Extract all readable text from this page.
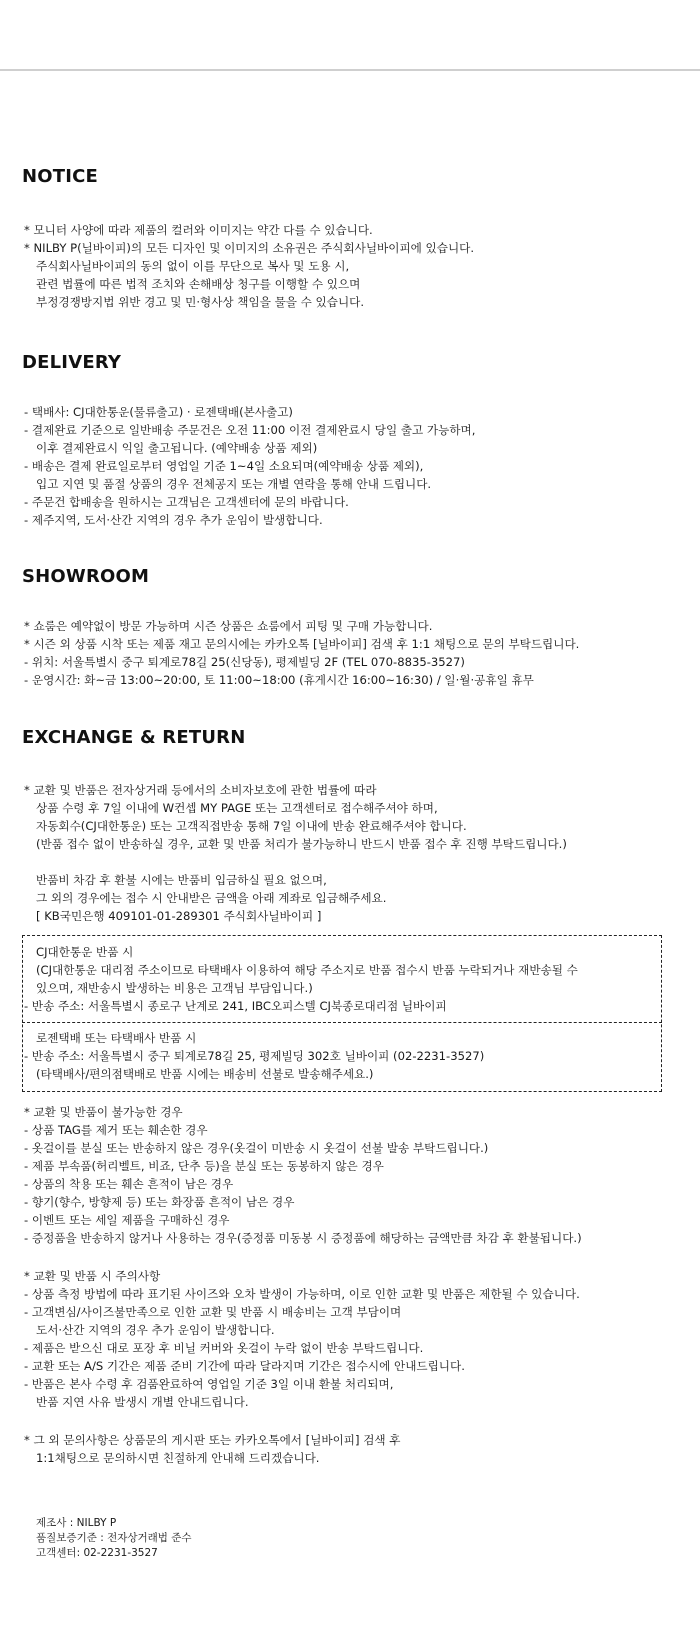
NOTICE
* 모니터 사양에 따라 제품의 컬러와 이미지는 약간 다를 수 있습니다.
* NILBY P(닐바이피)의 모든 디자인 및 이미지의 소유권은 주식회사닐바이피에 있습니다.
주식회사닐바이피의 동의 없이 이를 무단으로 복사 및 도용 시,
관련 법률에 따른 법적 조치와 손해배상 청구를 이행할 수 있으며
부정경쟁방지법 위반 경고 및 민·형사상 책임을 물을 수 있습니다.
DELIVERY
- 택배사: CJ대한통운(물류출고) · 로젠택배(본사출고)
- 결제완료 기준으로 일반배송 주문건은 오전 11:00 이전 결제완료시 당일 출고 가능하며,
이후 결제완료시 익일 출고됩니다. (예약배송 상품 제외)
- 배송은 결제 완료일로부터 영업일 기준 1~4일 소요되며(예약배송 상품 제외),
입고 지연 및 품절 상품의 경우 전체공지 또는 개별 연락을 통해 안내 드립니다.
- 주문건 합배송을 원하시는 고객님은 고객센터에 문의 바랍니다.
- 제주지역, 도서·산간 지역의 경우 추가 운임이 발생합니다.
SHOWROOM
* 쇼룸은 예약없이 방문 가능하며 시즌 상품은 쇼룸에서 피팅 및 구매 가능합니다.
* 시즌 외 상품 시착 또는 제품 재고 문의시에는 카카오톡 [닐바이피] 검색 후 1:1 채팅으로 문의 부탁드립니다.
- 위치: 서울특별시 중구 퇴계로78길 25(신당동), 평제빌딩 2F (TEL 070-8835-3527)
- 운영시간: 화~금 13:00~20:00, 토 11:00~18:00 (휴게시간 16:00~16:30) / 일·월·공휴일 휴무
EXCHANGE & RETURN
* 교환 및 반품은 전자상거래 등에서의 소비자보호에 관한 법률에 따라
상품 수령 후 7일 이내에 W컨셉 MY PAGE 또는 고객센터로 접수해주셔야 하며,
자동회수(CJ대한통운) 또는 고객직접반송 통해 7일 이내에 반송 완료해주셔야 합니다.
(반품 접수 없이 반송하실 경우, 교환 및 반품 처리가 불가능하니 반드시 반품 접수 후 진행 부탁드립니다.)
반품비 차감 후 환불 시에는 반품비 입금하실 필요 없으며,
그 외의 경우에는 접수 시 안내받은 금액을 아래 계좌로 입금해주세요.
[ KB국민은행 409101-01-289301 주식회사닐바이피 ]
CJ대한통운 반품 시
(CJ대한통운 대리점 주소이므로 타택배사 이용하여 해당 주소지로 반품 접수시 반품 누락되거나 재반송될 수
있으며, 재반송시 발생하는 비용은 고객님 부담입니다.)
- 반송 주소: 서울특별시 종로구 난계로 241, IBC오피스텔 CJ북종로대리점 닐바이피
로젠택배 또는 타택배사 반품 시
- 반송 주소: 서울특별시 중구 퇴계로78길 25, 평제빌딩 302호 닐바이피 (02-2231-3527)
(타택배사/편의점택배로 반품 시에는 배송비 선불로 발송해주세요.)
* 교환 및 반품이 불가능한 경우
- 상품 TAG를 제거 또는 훼손한 경우
- 옷걸이를 분실 또는 반송하지 않은 경우(옷걸이 미반송 시 옷걸이 선불 발송 부탁드립니다.)
- 제품 부속품(허리벨트, 비죠, 단추 등)을 분실 또는 동봉하지 않은 경우
- 상품의 착용 또는 훼손 흔적이 남은 경우
- 향기(향수, 방향제 등) 또는 화장품 흔적이 남은 경우
- 이벤트 또는 세일 제품을 구매하신 경우
- 증정품을 반송하지 않거나 사용하는 경우(증정품 미동봉 시 증정품에 해당하는 금액만큼 차감 후 환불됩니다.)
* 교환 및 반품 시 주의사항
- 상품 측정 방법에 따라 표기된 사이즈와 오차 발생이 가능하며, 이로 인한 교환 및 반품은 제한될 수 있습니다.
- 고객변심/사이즈불만족으로 인한 교환 및 반품 시 배송비는 고객 부담이며
도서·산간 지역의 경우 추가 운임이 발생합니다.
- 제품은 받으신 대로 포장 후 비닐 커버와 옷걸이 누락 없이 반송 부탁드립니다.
- 교환 또는 A/S 기간은 제품 준비 기간에 따라 달라지며 기간은 접수시에 안내드립니다.
- 반품은 본사 수령 후 검품완료하여 영업일 기준 3일 이내 환불 처리되며,
반품 지연 사유 발생시 개별 안내드립니다.
* 그 외 문의사항은 상품문의 게시판 또는 카카오톡에서 [닐바이피] 검색 후
1:1채팅으로 문의하시면 친절하게 안내해 드리겠습니다.
제조사 : NILBY P
품질보증기준 : 전자상거래법 준수
고객센터: 02-2231-3527
